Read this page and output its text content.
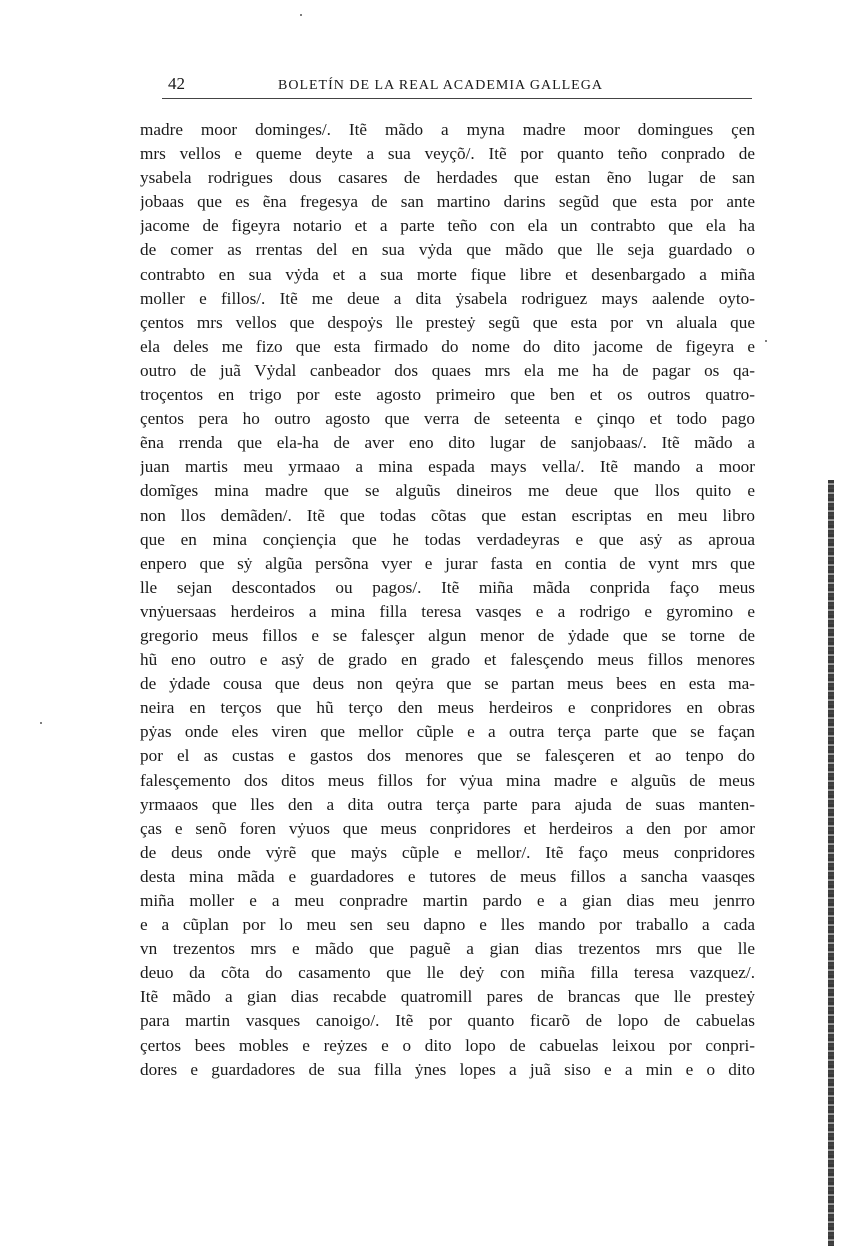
42	BOLETÍN DE LA REAL ACADEMIA GALLEGA
madre moor dominges/. Itẽ mãdo a myna madre moor domingues çen
mrs vellos e queme deyte a sua veyçõ/. Itẽ por quanto teño conprado de
ysabela rodrigues dous casares de herdades que estan ẽno lugar de san
jobaas que es ẽna fregesya de san martino darins segũd que esta por ante
jacome de figeyra notario et a parte teño con ela un contrabto que ela ha
de comer as rrentas del en sua vẏda que mãdo que lle seja guardado o
contrabto en sua vẏda et a sua morte fique libre et desenbargado a miña
moller e fillos/. Itẽ me deue a dita ẏsabela rodriguez mays aalende oyto-
çentos mrs vellos que despoẏs lle presteẏ segũ que esta por vn aluala que
ela deles me fizo que esta firmado do nome do dito jacome de figeyra e
outro de juã Vẏdal canbeador dos quaes mrs ela me ha de pagar os qa-
troçentos en trigo por este agosto primeiro que ben et os outros quatro-
çentos pera ho outro agosto que verra de seteenta e çinqo et todo pago
ẽna rrenda que ela-ha de aver eno dito lugar de sanjobaas/. Itẽ mãdo a
juan martis meu yrmaao a mina espada mays vella/. Itẽ mando a moor
domĩges mina madre que se alguũs dineiros me deue que llos quito e
non llos demãden/. Itẽ que todas cõtas que estan escriptas en meu libro
que en mina conçiençia que he todas verdadeyras e que asẏ as aproua
enpero que sẏ algũa persõna vyer e jurar fasta en contia de vynt mrs que
lle sejan descontados ou pagos/. Itẽ miña mãda conprida faço meus
vnẏuersaas herdeiros a mina filla teresa vasqes e a rodrigo e gyromino e
gregorio meus fillos e se falesçer algun menor de ẏdade que se torne de
hũ eno outro e asẏ de grado en grado et falesçendo meus fillos menores
de ẏdade cousa que deus non qeẏra que se partan meus bees en esta ma-
neira en terços que hũ terço den meus herdeiros e conpridores en obras
pẏas onde eles viren que mellor cũple e a outra terça parte que se façan
por el as custas e gastos dos menores que se falesçeren et ao tenpo do
falesçemento dos ditos meus fillos for vẏua mina madre e alguũs de meus
yrmaaos que lles den a dita outra terça parte para ajuda de suas manten-
ças e senõ foren vẏuos que meus conpridores et herdeiros a den por amor
de deus onde vẏrẽ que maẏs cũple e mellor/. Itẽ faço meus conpridores
desta mina mãda e guardadores e tutores de meus fillos a sancha vaasqes
miña moller e a meu conpradre martin pardo e a gian dias meu jenrro
e a cũplan por lo meu sen seu dapno e lles mando por traballo a cada
vn trezentos mrs e mãdo que paguẽ a gian dias trezentos mrs que lle
deuo da cõta do casamento que lle deẏ con miña filla teresa vazquez/.
Itẽ mãdo a gian dias recabde quatromill pares de brancas que lle presteẏ
para martin vasques canoigo/. Itẽ por quanto ficarõ de lopo de cabuelas
çertos bees mobles e reẏzes e o dito lopo de cabuelas leixou por conpri-
dores e guardadores de sua filla ẏnes lopes a juã siso e a min e o dito
